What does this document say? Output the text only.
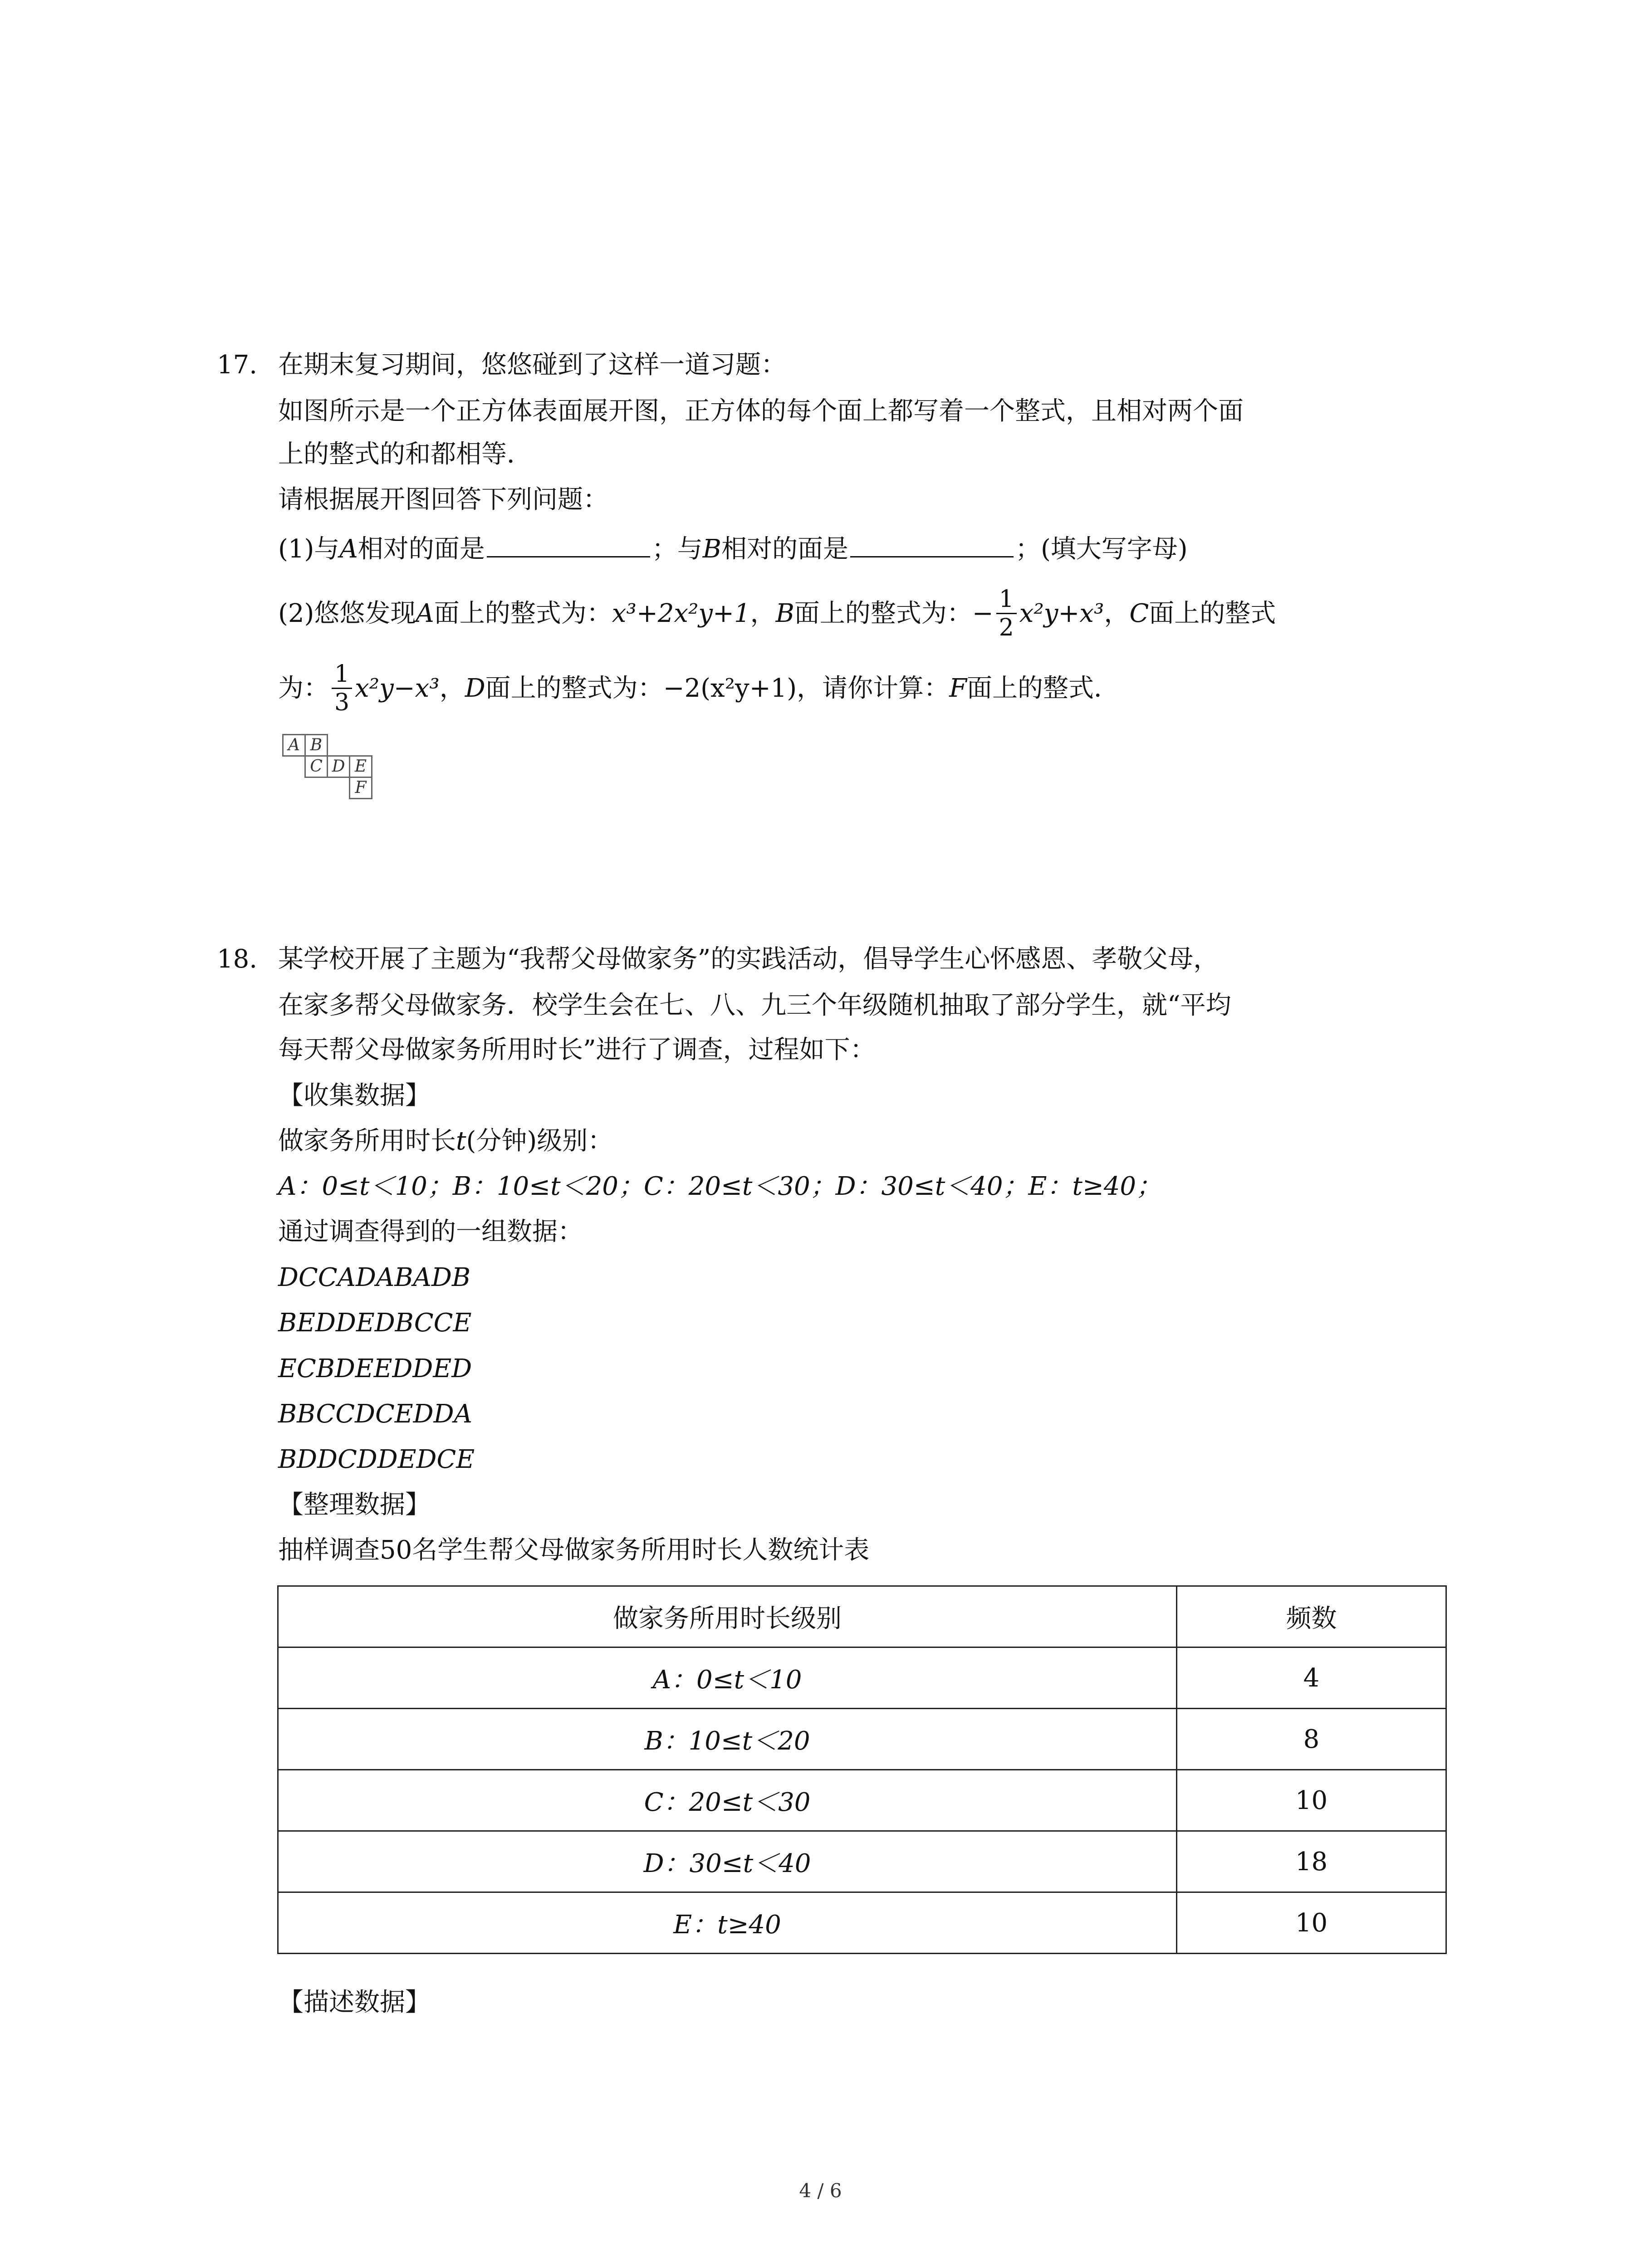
17. 在期末复习期间，悠悠碰到了这样一道习题：
如图所示是一个正方体表面展开图，正方体的每个面上都写着一个整式，且相对两个面
上的整式的和都相等．
请根据展开图回答下列问题：
(1)与A相对的面是	；与B相对的面是	；(填大写字母)
(2)悠悠发现A面上的整式为：x³+2x²y+1，B面上的整式为：− $\frac{1}{2} x^2y+x^3$，C面上的整式
为： $\frac{1}{3} x^2y-x^3$，D面上的整式为：−2(x²y+1)，请你计算：F面上的整式．
A B
C D E
F
18. 某学校开展了主题为“我帮父母做家务”的实践活动，倡导学生心怀感恩、孝敬父母，
在家多帮父母做家务．校学生会在七、八、九三个年级随机抽取了部分学生，就“平均
每天帮父母做家务所用时长”进行了调查，过程如下：
【收集数据】
做家务所用时长t(分钟)级别：
A：0≤t＜10；B：10≤t＜20；C：20≤t＜30；D：30≤t＜40；E：t≥40；
通过调查得到的一组数据：
DCCADABADB
BEDDEDBCCE
ECBDEEDDED
BBCCDCEDDA
BDDCDDEDCE
【整理数据】
抽样调查50名学生帮父母做家务所用时长人数统计表
做家务所用时长级别	频数
A：0≤t＜10	4
B：10≤t＜20	8
C：20≤t＜30	10
D：30≤t＜40	18
E：t≥40	10
【描述数据】
4 / 6
